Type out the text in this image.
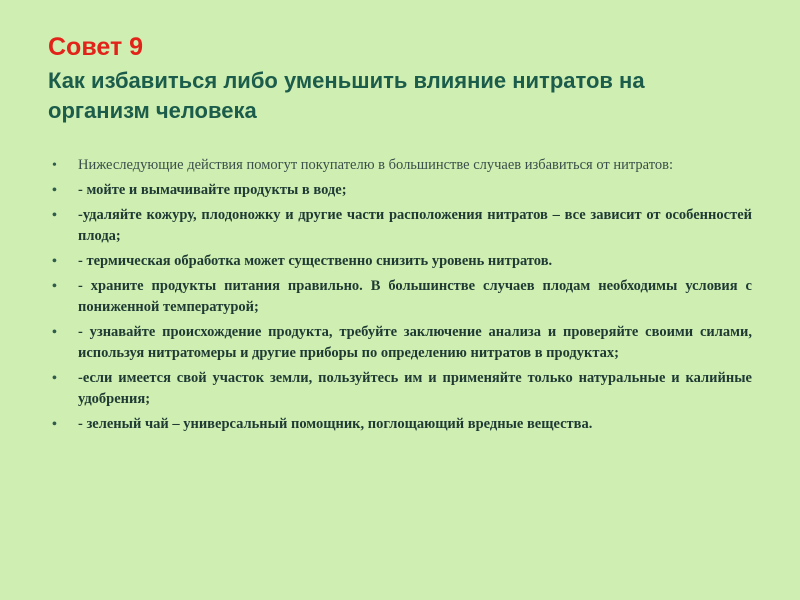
Совет 9
Как избавиться либо уменьшить влияние нитратов на организм человека
• Нижеследующие действия помогут покупателю в большинстве случаев избавиться от нитратов:
• - мойте и вымачивайте продукты в воде;
• -удаляйте кожуру, плодоножку и другие части расположения нитратов – все зависит от особенностей плода;
• - термическая обработка может существенно снизить уровень нитратов.
• - храните продукты питания правильно. В большинстве случаев плодам необходимы условия с пониженной температурой;
• - узнавайте происхождение продукта, требуйте заключение анализа и проверяйте своими силами, используя нитратомеры и другие приборы по определению нитратов в продуктах;
• -если имеется свой участок земли, пользуйтесь им и применяйте только натуральные и калийные удобрения;
• - зеленый чай – универсальный помощник, поглощающий вредные вещества.
